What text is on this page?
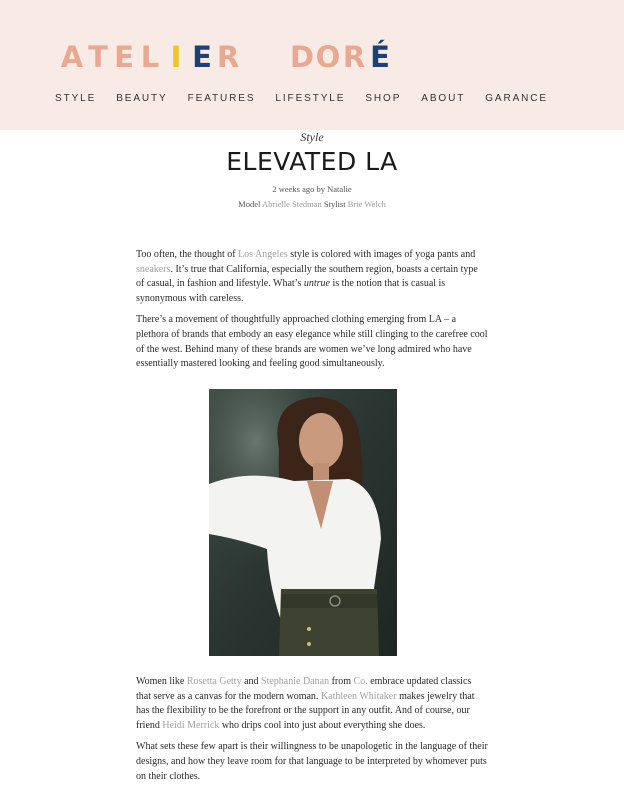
A T E L I E R DOR É
STYLE BEAUTY FEATURES LIFESTYLE SHOP ABOUT GARANCE
Style
ELEVATED LA
2 weeks ago by Natalie
Model Abrielle Stedman Stylist Brie Welch

Too often, the thought of Los Angeles style is colored with images of yoga pants and sneakers. It’s true that California, especially the southern region, boasts a certain type of casual, in fashion and lifestyle. What’s untrue is the notion that is casual is synonymous with careless.

There’s a movement of thoughtfully approached clothing emerging from LA – a plethora of brands that embody an easy elegance while still clinging to the carefree cool of the west. Behind many of these brands are women we’ve long admired who have essentially mastered looking and feeling good simultaneously.

Women like Rosetta Getty and Stephanie Danan from Co. embrace updated classics that serve as a canvas for the modern woman. Kathleen Whitaker makes jewelry that has the flexibility to be the forefront or the support in any outfit. And of course, our friend Heidi Merrick who drips cool into just about everything she does.

What sets these few apart is their willingness to be unapologetic in the language of their designs, and how they leave room for that language to be interpreted by whomever puts on their clothes.
